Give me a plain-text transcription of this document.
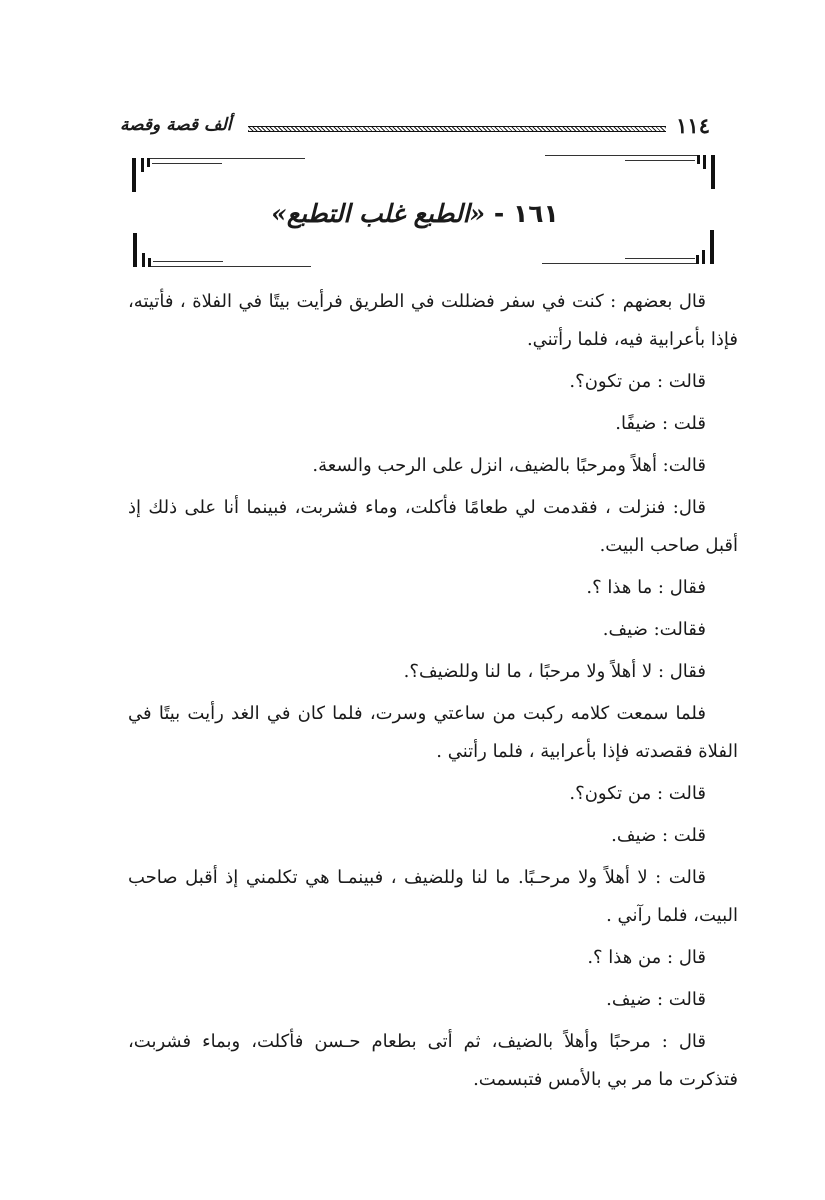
١١٤
ألف قصة وقصة
١٦١ - «الطبع غلب التطبع»

قال بعضهم : كنت في سفر فضللت في الطريق فرأيت بيتًا في الفلاة ، فأتيته، فإذا بأعرابية فيه، فلما رأتني.

قالت : من تكون؟.

قلت : ضيفًا.

قالت: أهلاً ومرحبًا بالضيف، انزل على الرحب والسعة.

قال: فنزلت ، فقدمت لي طعامًا فأكلت، وماء فشربت، فبينما أنا على ذلك إذ أقبل صاحب البيت.

فقال : ما هذا ؟.

فقالت: ضيف.

فقال : لا أهلاً ولا مرحبًا ، ما لنا وللضيف؟.

فلما سمعت كلامه ركبت من ساعتي وسرت، فلما كان في الغد رأيت بيتًا في الفلاة فقصدته فإذا بأعرابية ، فلما رأتني .

قالت : من تكون؟.

قلت : ضيف.

قالت : لا أهلاً ولا مرحـبًا. ما لنا وللضيف ، فبينمـا هي تكلمني إذ أقبل صاحب البيت، فلما رآني .

قال : من هذا ؟.

قالت : ضيف.

قال : مرحبًا وأهلاً بالضيف، ثم أتى بطعام حـسن فأكلت، وبماء فشربت، فتذكرت ما مر بي بالأمس فتبسمت.
